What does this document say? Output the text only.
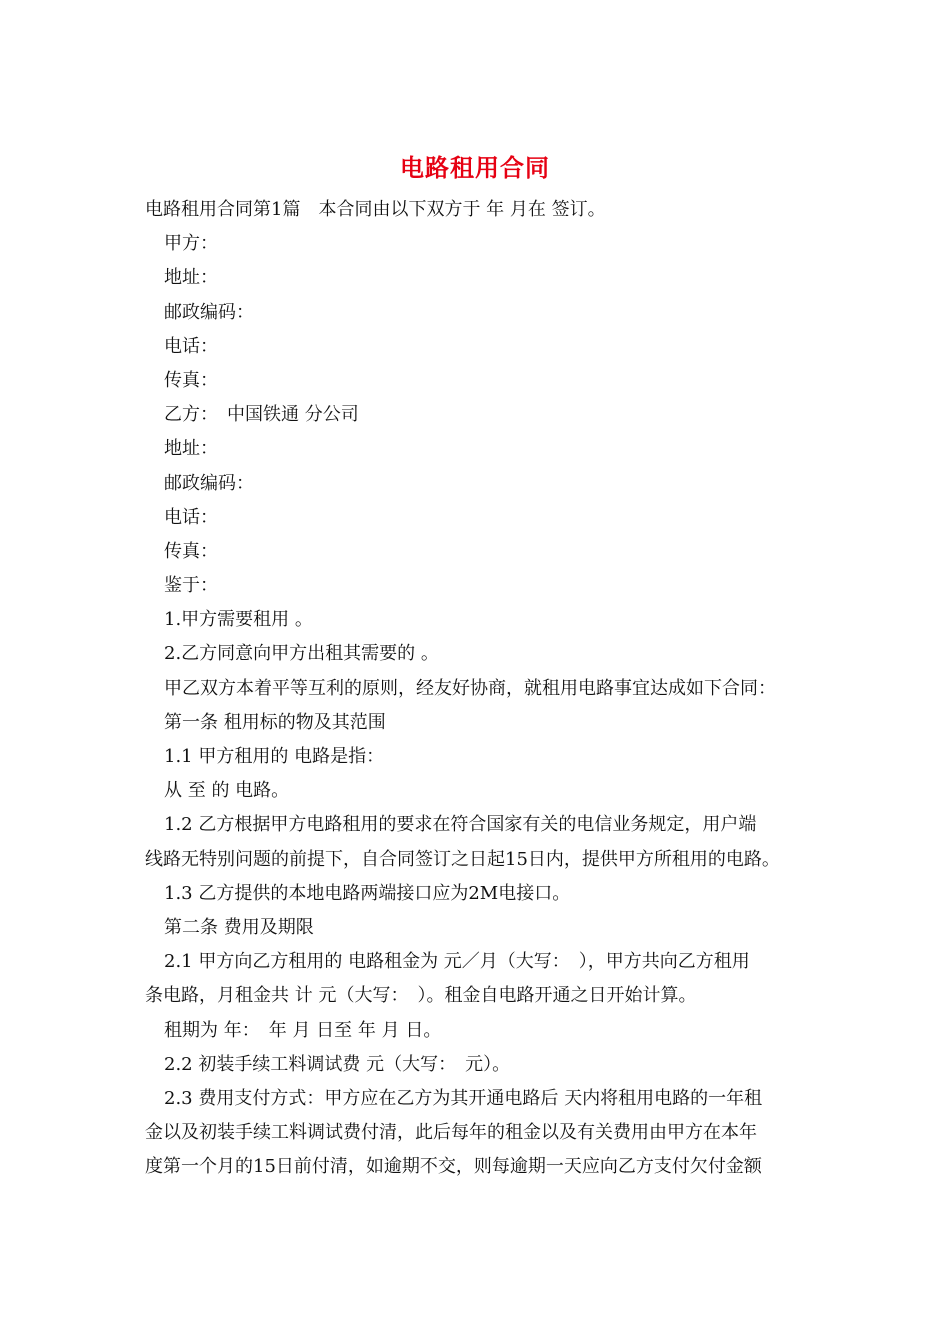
电路租用合同
电路租用合同第1篇　本合同由以下双方于 年 月在 签订。
甲方：
地址：
邮政编码：
电话：
传真：
乙方：　中国铁通 分公司
地址：
邮政编码：
电话：
传真：
鉴于：
1.甲方需要租用 。
2.乙方同意向甲方出租其需要的 。
甲乙双方本着平等互利的原则，经友好协商，就租用电路事宜达成如下合同：
第一条 租用标的物及其范围
1.1 甲方租用的 电路是指：
从 至 的 电路。
1.2 乙方根据甲方电路租用的要求在符合国家有关的电信业务规定，用户端
线路无特别问题的前提下，自合同签订之日起15日内，提供甲方所租用的电路。
1.3 乙方提供的本地电路两端接口应为2M电接口。
第二条 费用及期限
2.1 甲方向乙方租用的 电路租金为 元／月（大写：　），甲方共向乙方租用
条电路，月租金共 计 元（大写：　）。租金自电路开通之日开始计算。
租期为 年：　年 月 日至 年 月 日。
2.2 初装手续工料调试费 元（大写：　元）。
2.3 费用支付方式：甲方应在乙方为其开通电路后 天内将租用电路的一年租
金以及初装手续工料调试费付清，此后每年的租金以及有关费用由甲方在本年
度第一个月的15日前付清，如逾期不交，则每逾期一天应向乙方支付欠付金额
